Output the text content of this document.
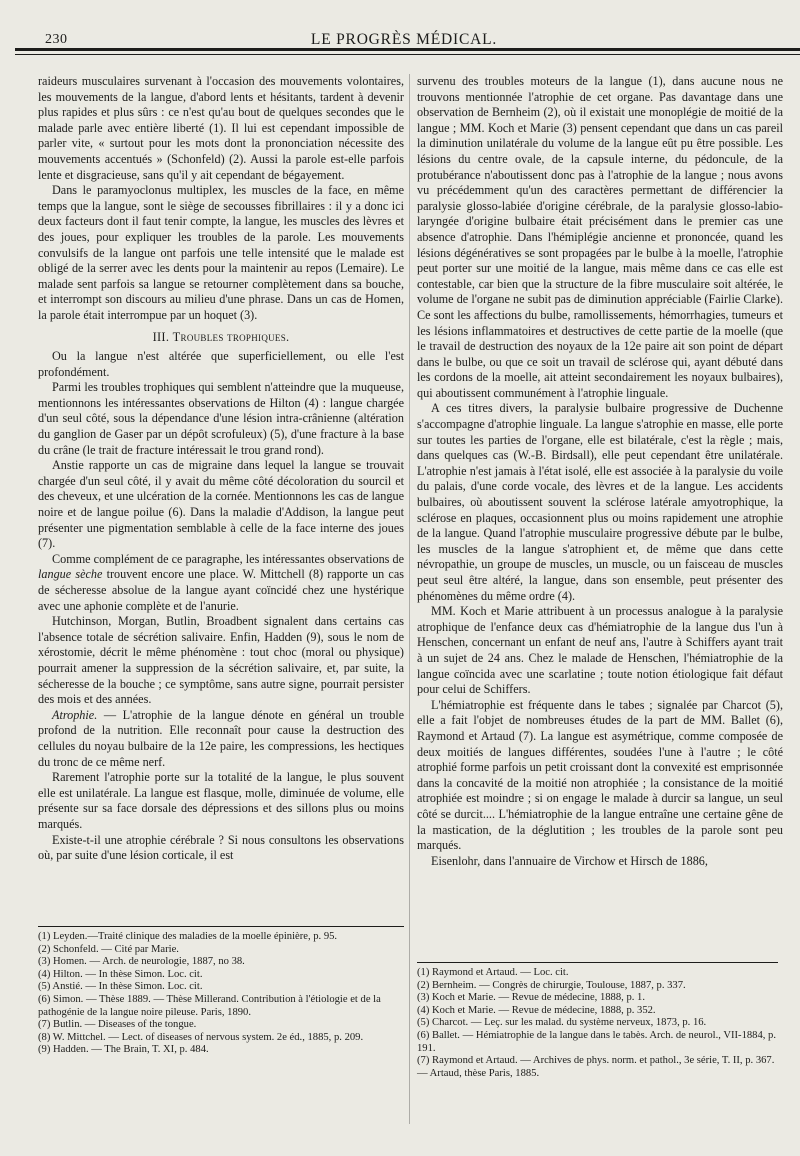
230	LE PROGRÈS MÉDICAL.

raideurs musculaires survenant à l'occasion des mouvements volontaires, les mouvements de la langue, d'abord lents et hésitants, tardent à devenir plus rapides et plus sûrs : ce n'est qu'au bout de quelques secondes que le malade parle avec entière liberté (1). Il lui est cependant impossible de parler vite, « surtout pour les mots dont la prononciation nécessite des mouvements accentués » (Schonfeld) (2). Aussi la parole est-elle parfois lente et disgracieuse, sans qu'il y ait cependant de bégayement.

Dans le paramyoclonus multiplex, les muscles de la face, en même temps que la langue, sont le siège de secousses fibrillaires : il y a donc ici deux facteurs dont il faut tenir compte, la langue, les muscles des lèvres et des joues, pour expliquer les troubles de la parole. Les mouvements convulsifs de la langue ont parfois une telle intensité que le malade est obligé de la serrer avec les dents pour la maintenir au repos (Lemaire). Le malade sent parfois sa langue se retourner complètement dans sa bouche, et interrompt son discours au milieu d'une phrase. Dans un cas de Homen, la parole était interrompue par un hoquet (3).

III. Troubles trophiques.

Ou la langue n'est altérée que superficiellement, ou elle l'est profondément.

Parmi les troubles trophiques qui semblent n'atteindre que la muqueuse, mentionnons les intéressantes observations de Hilton (4) : langue chargée d'un seul côté, sous la dépendance d'une lésion intra-crânienne (altération du ganglion de Gaser par un dépôt scrofuleux) (5), d'une fracture à la base du crâne (le trait de fracture intéressait le trou grand rond).

Anstie rapporte un cas de migraine dans lequel la langue se trouvait chargée d'un seul côté, il y avait du même côté décoloration du sourcil et des cheveux, et une ulcération de la cornée. Mentionnons les cas de langue noire et de langue poilue (6). Dans la maladie d'Addison, la langue peut présenter une pigmentation semblable à celle de la face interne des joues (7).

Comme complément de ce paragraphe, les intéressantes observations de langue sèche trouvent encore une place. W. Mittchell (8) rapporte un cas de sécheresse absolue de la langue ayant coïncidé chez une hystérique avec une aphonie complète et de l'anurie.

Hutchinson, Morgan, Butlin, Broadbent signalent dans certains cas l'absence totale de sécrétion salivaire. Enfin, Hadden (9), sous le nom de xérostomie, décrit le même phénomène : tout choc (moral ou physique) pourrait amener la suppression de la sécrétion salivaire, et, par suite, la sécheresse de la bouche ; ce symptôme, sans autre signe, pourrait persister des mois et des années.

Atrophie. — L'atrophie de la langue dénote en général un trouble profond de la nutrition. Elle reconnaît pour cause la destruction des cellules du noyau bulbaire de la 12e paire, les compressions, les hectiques du tronc de ce même nerf.

Rarement l'atrophie porte sur la totalité de la langue, le plus souvent elle est unilatérale. La langue est flasque, molle, diminuée de volume, elle présente sur sa face dorsale des dépressions et des sillons plus ou moins marqués.

Existe-t-il une atrophie cérébrale ? Si nous consultons les observations où, par suite d'une lésion corticale, il est

(1) Leyden.—Traité clinique des maladies de la moelle épinière, p. 95.

(2) Schonfeld. — Cité par Marie.

(3) Homen. — Arch. de neurologie, 1887, no 38.

(4) Hilton. — In thèse Simon. Loc. cit.

(5) Anstié. — In thèse Simon. Loc. cit.

(6) Simon. — Thèse 1889. — Thèse Millerand. Contribution à l'étiologie et de la pathogénie de la langue noire pileuse. Paris, 1890.

(7) Butlin. — Diseases of the tongue.

(8) W. Mittchel. — Lect. of diseases of nervous system. 2e éd., 1885, p. 209.

(9) Hadden. — The Brain, T. XI, p. 484.

survenu des troubles moteurs de la langue (1), dans aucune nous ne trouvons mentionnée l'atrophie de cet organe. Pas davantage dans une observation de Bernheim (2), où il existait une monoplégie de moitié de la langue ; MM. Koch et Marie (3) pensent cependant que dans un cas pareil la diminution unilatérale du volume de la langue eût pu être possible. Les lésions du centre ovale, de la capsule interne, du pédoncule, de la protubérance n'aboutissent donc pas à l'atrophie de la langue ; nous avons vu précédemment qu'un des caractères permettant de différencier la paralysie glosso-labiée d'origine cérébrale, de la paralysie glosso-labio-laryngée d'origine bulbaire était précisément dans le premier cas une absence d'atrophie. Dans l'hémiplégie ancienne et prononcée, quand les lésions dégénératives se sont propagées par le bulbe à la moelle, l'atrophie peut porter sur une moitié de la langue, mais même dans ce cas elle est contestable, car bien que la structure de la fibre musculaire soit altérée, le volume de l'organe ne subit pas de diminution appréciable (Fairlie Clarke). Ce sont les affections du bulbe, ramollissements, hémorrhagies, tumeurs et les lésions inflammatoires et destructives de cette partie de la moelle (que le travail de destruction des noyaux de la 12e paire ait son point de départ dans le bulbe, ou que ce soit un travail de sclérose qui, ayant débuté dans les cordons de la moelle, ait atteint secondairement les noyaux bulbaires), qui aboutissent communément à l'atrophie linguale.

A ces titres divers, la paralysie bulbaire progressive de Duchenne s'accompagne d'atrophie linguale. La langue s'atrophie en masse, elle porte sur toutes les parties de l'organe, elle est bilatérale, c'est la règle ; mais, dans quelques cas (W.-B. Birdsall), elle peut cependant être unilatérale. L'atrophie n'est jamais à l'état isolé, elle est associée à la paralysie du voile du palais, d'une corde vocale, des lèvres et de la langue. Les accidents bulbaires, où aboutissent souvent la sclérose latérale amyotrophique, la sclérose en plaques, occasionnent plus ou moins rapidement une atrophie de la langue. Quand l'atrophie musculaire progressive débute par le bulbe, les muscles de la langue s'atrophient et, de même que dans cette névropathie, un groupe de muscles, un muscle, ou un faisceau de muscles peut seul être altéré, la langue, dans son ensemble, peut présenter des phénomènes du même ordre (4).

MM. Koch et Marie attribuent à un processus analogue à la paralysie atrophique de l'enfance deux cas d'hémiatrophie de la langue dus l'un à Henschen, concernant un enfant de neuf ans, l'autre à Schiffers ayant trait à un sujet de 24 ans. Chez le malade de Henschen, l'hémiatrophie de la langue coïncida avec une scarlatine ; toute notion étiologique fait défaut pour celui de Schiffers.

L'hémiatrophie est fréquente dans le tabes ; signalée par Charcot (5), elle a fait l'objet de nombreuses études de la part de MM. Ballet (6), Raymond et Artaud (7). La langue est asymétrique, comme composée de deux moitiés de langues différentes, soudées l'une à l'autre ; le côté atrophié forme parfois un petit croissant dont la convexité est emprisonnée dans la concavité de la moitié non atrophiée ; la consistance de la moitié atrophiée est moindre ; si on engage le malade à durcir sa langue, un seul côté se durcit.... L'hémiatrophie de la langue entraîne une certaine gêne de la mastication, de la déglutition ; les troubles de la parole sont peu marqués.

Eisenlohr, dans l'annuaire de Virchow et Hirsch de 1886,

(1) Raymond et Artaud. — Loc. cit.

(2) Bernheim. — Congrès de chirurgie, Toulouse, 1887, p. 337.

(3) Koch et Marie. — Revue de médecine, 1888, p. 1.

(4) Koch et Marie. — Revue de médecine, 1888, p. 352.

(5) Charcot. — Leç. sur les malad. du système nerveux, 1873, p. 16.

(6) Ballet. — Hémiatrophie de la langue dans le tabès. Arch. de neurol., VII-1884, p. 191.

(7) Raymond et Artaud. — Archives de phys. norm. et pathol., 3e série, T. II, p. 367. — Artaud, thèse Paris, 1885.
